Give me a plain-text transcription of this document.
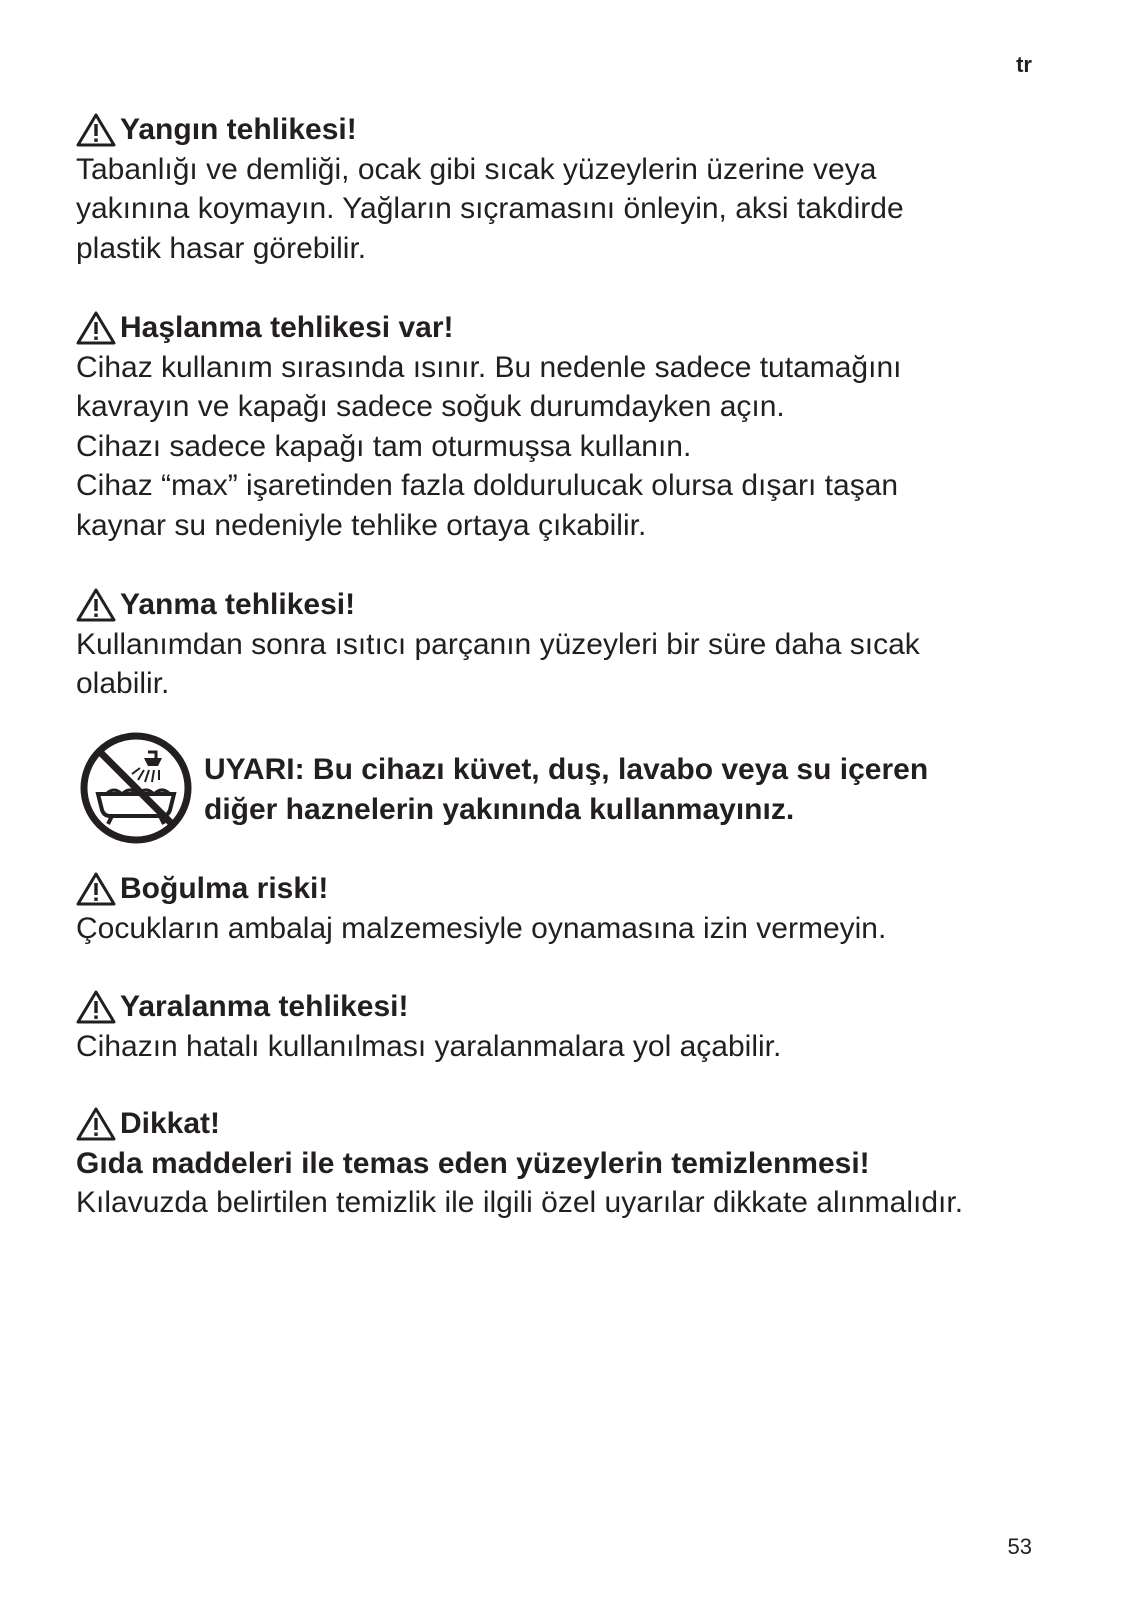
tr
Yangın tehlikesi!
Tabanlığı ve demliği, ocak gibi sıcak yüzeylerin üzerine veya
yakınına koymayın. Yağların sıçramasını önleyin, aksi takdirde
plastik hasar görebilir.
Haşlanma tehlikesi var!
Cihaz kullanım sırasında ısınır. Bu nedenle sadece tutamağını
kavrayın ve kapağı sadece soğuk durumdayken açın.
Cihazı sadece kapağı tam oturmuşsa kullanın.
Cihaz “max” işaretinden fazla doldurulucak olursa dışarı taşan
kaynar su nedeniyle tehlike ortaya çıkabilir.
Yanma tehlikesi!
Kullanımdan sonra ısıtıcı parçanın yüzeyleri bir süre daha sıcak
olabilir.
UYARI: Bu cihazı küvet, duş, lavabo veya su içeren
diğer haznelerin yakınında kullanmayınız.
Boğulma riski!
Çocukların ambalaj malzemesiyle oynamasına izin vermeyin.
Yaralanma tehlikesi!
Cihazın hatalı kullanılması yaralanmalara yol açabilir.
Dikkat!
Gıda maddeleri ile temas eden yüzeylerin temizlenmesi!
Kılavuzda belirtilen temizlik ile ilgili özel uyarılar dikkate alınmalıdır.
53
